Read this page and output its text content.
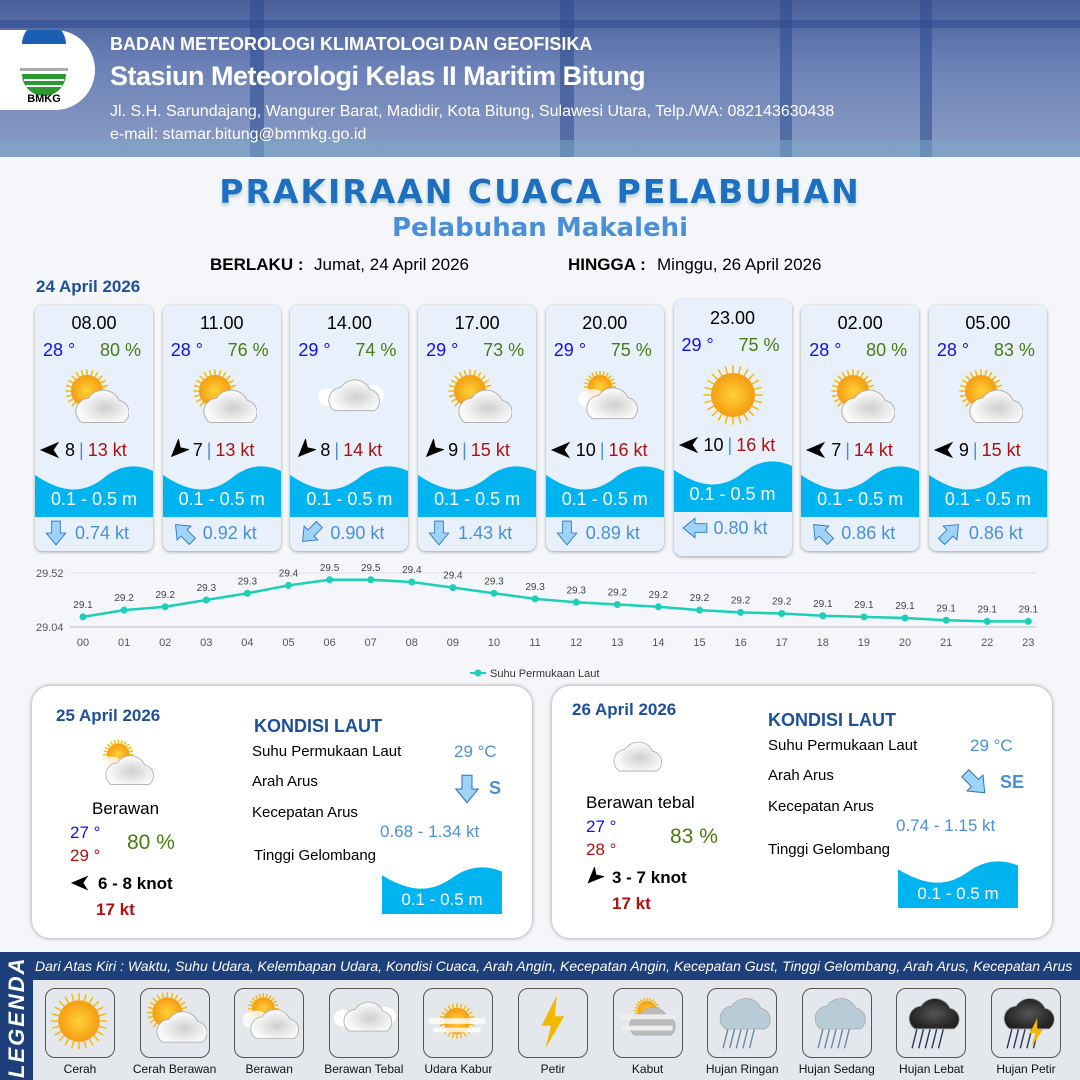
BMKG
BADAN METEOROLOGI KLIMATOLOGI DAN GEOFISIKA
Stasiun Meteorologi Kelas II Maritim Bitung
Jl. S.H. Sarundajang, Wangurer Barat, Madidir, Kota Bitung, Sulawesi Utara, Telp./WA: 082143630438
e-mail: stamar.bitung@bmmkg.go.id
PRAKIRAAN CUACA PELABUHAN
Pelabuhan Makalehi
BERLAKU : Jumat, 24 April 2026	HINGGA : Minggu, 26 April 2026
24 April 2026
08.00
28 ° 80 %
8 | 13 kt
0.1 - 0.5 m
0.74 kt
11.00
28 ° 76 %
7 | 13 kt
0.1 - 0.5 m
0.92 kt
14.00
29 ° 74 %
8 | 14 kt
0.1 - 0.5 m
0.90 kt
17.00
29 ° 73 %
9 | 15 kt
0.1 - 0.5 m
1.43 kt
20.00
29 ° 75 %
10 | 16 kt
0.1 - 0.5 m
0.89 kt
23.00
29 ° 75 %
10 | 16 kt
0.1 - 0.5 m
0.80 kt
02.00
28 ° 80 %
7 | 14 kt
0.1 - 0.5 m
0.86 kt
05.00
28 ° 83 %
9 | 15 kt
0.1 - 0.5 m
0.86 kt
29.52
29.04
29.1
00
29.2
01
29.2
02
29.3
03
29.3
04
29.4
05
29.5
06
29.5
07
29.4
08
29.4
09
29.3
10
29.3
11
29.3
12
29.2
13
29.2
14
29.2
15
29.2
16
29.2
17
29.1
18
29.1
19
29.1
20
29.1
21
29.1
22
29.1
23
Suhu Permukaan Laut
25 April 2026
Berawan
27 °
29 °
80 %
6 - 8 knot
17 kt
KONDISI LAUT
Suhu Permukaan Laut	29 °C
Arah Arus	S
Kecepatan Arus
0.68 - 1.34 kt
Tinggi Gelombang
0.1 - 0.5 m
26 April 2026
Berawan tebal
27 °
28 °
83 %
3 - 7 knot
17 kt
KONDISI LAUT
Suhu Permukaan Laut	29 °C
Arah Arus	SE
Kecepatan Arus
0.74 - 1.15 kt
Tinggi Gelombang
0.1 - 0.5 m
Dari Atas Kiri : Waktu, Suhu Udara, Kelembapan Udara, Kondisi Cuaca, Arah Angin, Kecepatan Angin, Kecepatan Gust, Tinggi Gelombang, Arah Arus, Kecepatan Arus
LEGENDA	Cerah	Cerah Berawan	Berawan	Berawan Tebal	Udara Kabur	Petir	Kabut	Hujan Ringan	Hujan Sedang	Hujan Lebat	Hujan Petir
